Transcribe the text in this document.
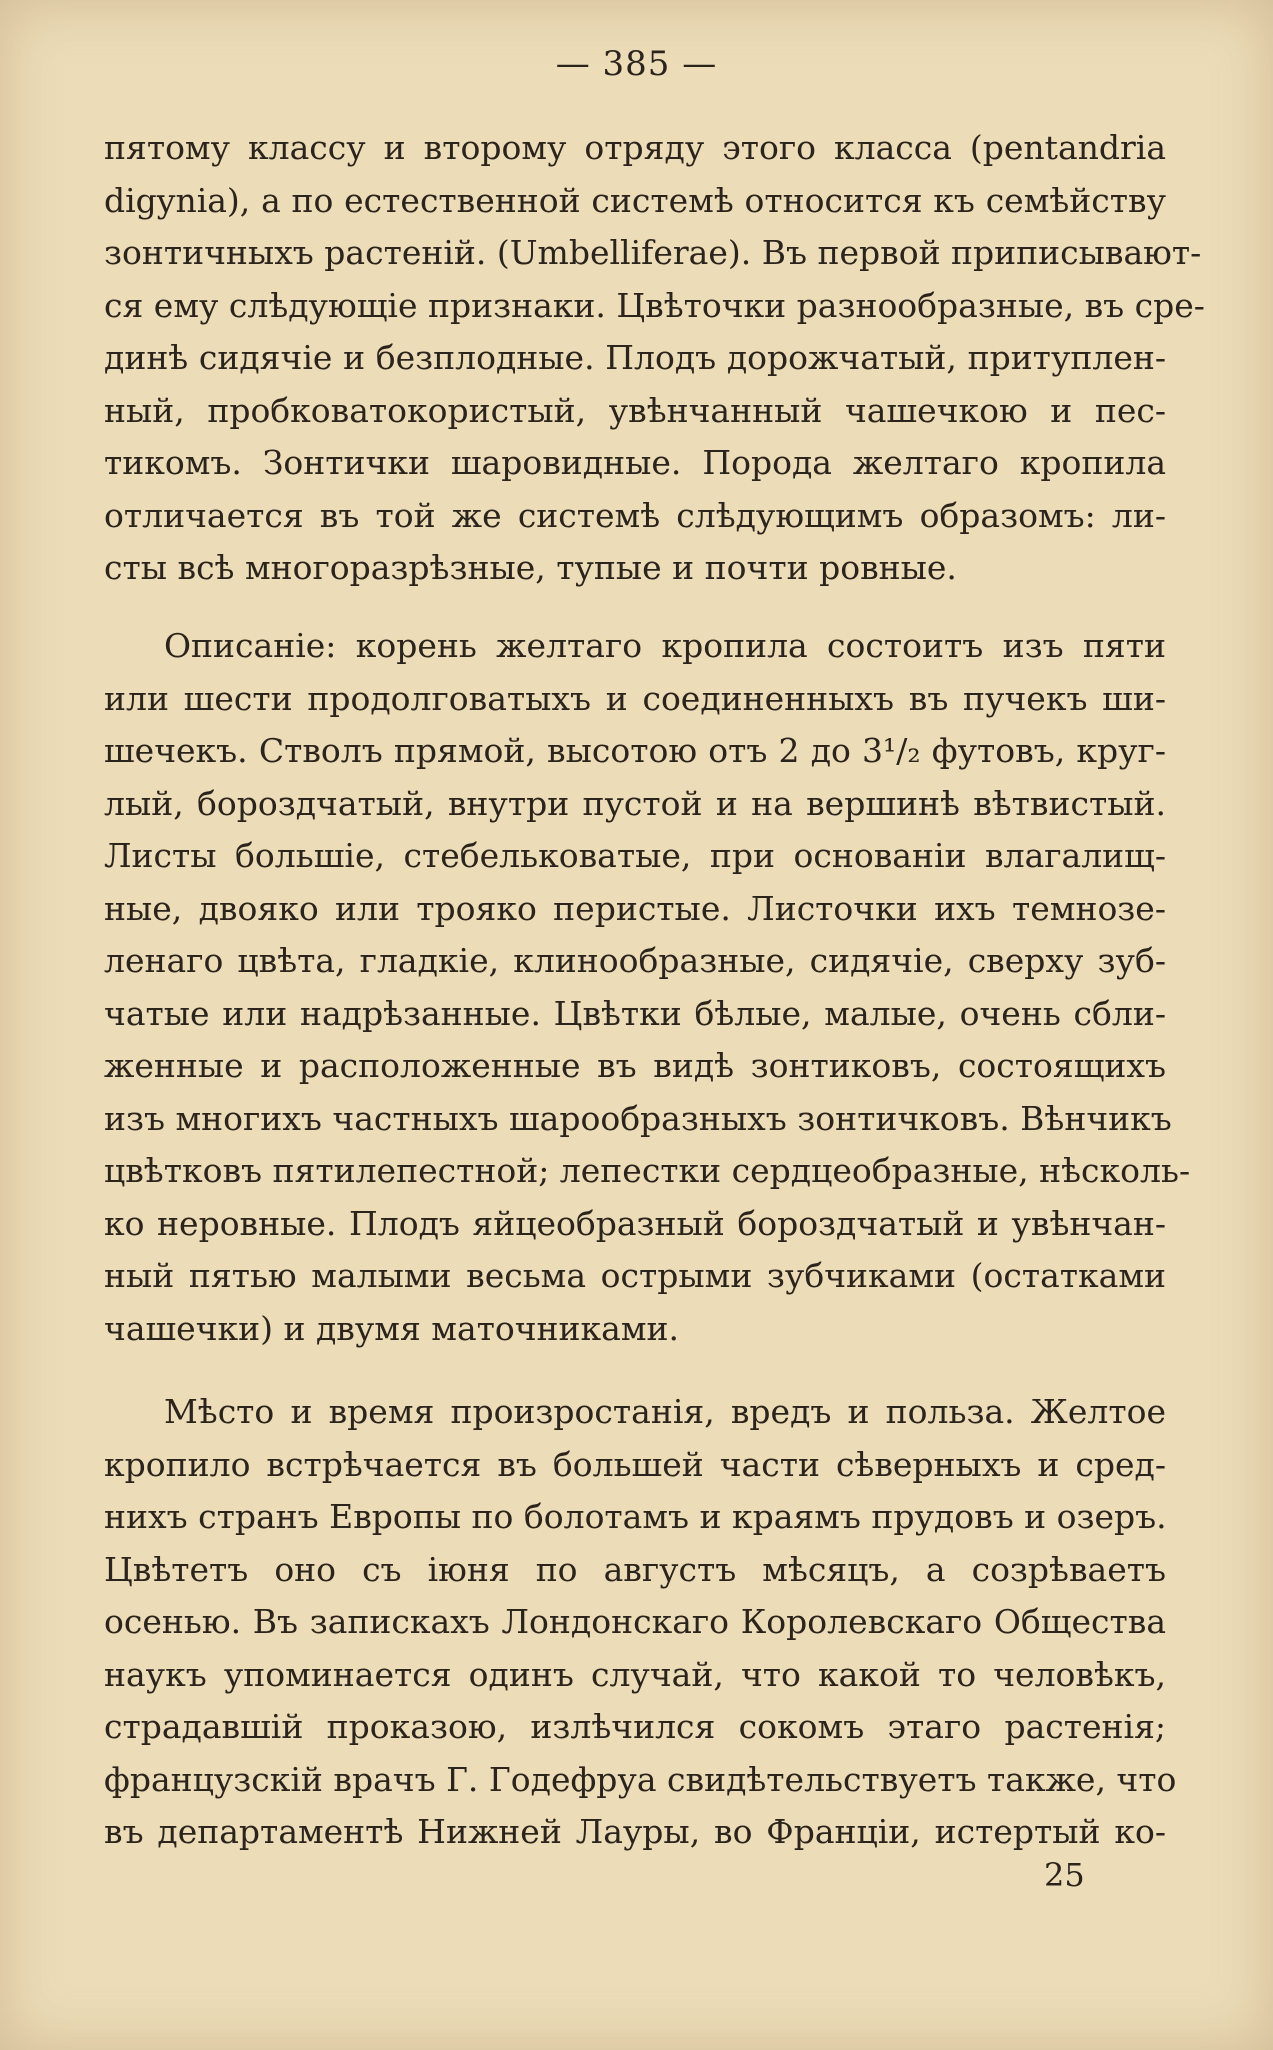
— 385 —
пятому классу и второму отряду этого класса (pentandria
digynia), а по естественной системѣ относится къ семѣйству
зонтичныхъ растеній. (Umbelliferae). Въ первой приписывают-
ся ему слѣдующіе признаки. Цвѣточки разнообразные, въ сре-
динѣ сидячіе и безплодные. Плодъ дорожчатый, притуплен-
ный, пробковатокористый, увѣнчанный чашечкою и пес-
тикомъ. Зонтички шаровидные. Порода желтаго кропила
отличается въ той же системѣ слѣдующимъ образомъ: ли-
сты всѣ многоразрѣзные, тупые и почти ровные.
Описаніе: корень желтаго кропила состоитъ изъ пяти
или шести продолговатыхъ и соединенныхъ въ пучекъ ши-
шечекъ. Стволъ прямой, высотою отъ 2 до 3¹/₂ футовъ, круг-
лый, бороздчатый, внутри пустой и на вершинѣ вѣтвистый.
Листы большіе, стебельковатые, при основаніи влагалищ-
ные, двояко или трояко перистые. Листочки ихъ темнозе-
ленаго цвѣта, гладкіе, клинообразные, сидячіе, сверху зуб-
чатые или надрѣзанные. Цвѣтки бѣлые, малые, очень сбли-
женные и расположенные въ видѣ зонтиковъ, состоящихъ
изъ многихъ частныхъ шарообразныхъ зонтичковъ. Вѣнчикъ
цвѣтковъ пятилепестной; лепестки сердцеобразные, нѣсколь-
ко неровные. Плодъ яйцеобразный бороздчатый и увѣнчан-
ный пятью малыми весьма острыми зубчиками (остатками
чашечки) и двумя маточниками.
Мѣсто и время произростанія, вредъ и польза. Желтое
кропило встрѣчается въ большей части сѣверныхъ и сред-
нихъ странъ Европы по болотамъ и краямъ прудовъ и озеръ.
Цвѣтетъ оно съ іюня по августъ мѣсяцъ, а созрѣваетъ
осенью. Въ запискахъ Лондонскаго Королевскаго Общества
наукъ упоминается одинъ случай, что какой то человѣкъ,
страдавшій проказою, излѣчился сокомъ этаго растенія;
французскій врачъ Г. Годефруа свидѣтельствуетъ также, что
въ департаментѣ Нижней Лауры, во Франціи, истертый ко-
25
